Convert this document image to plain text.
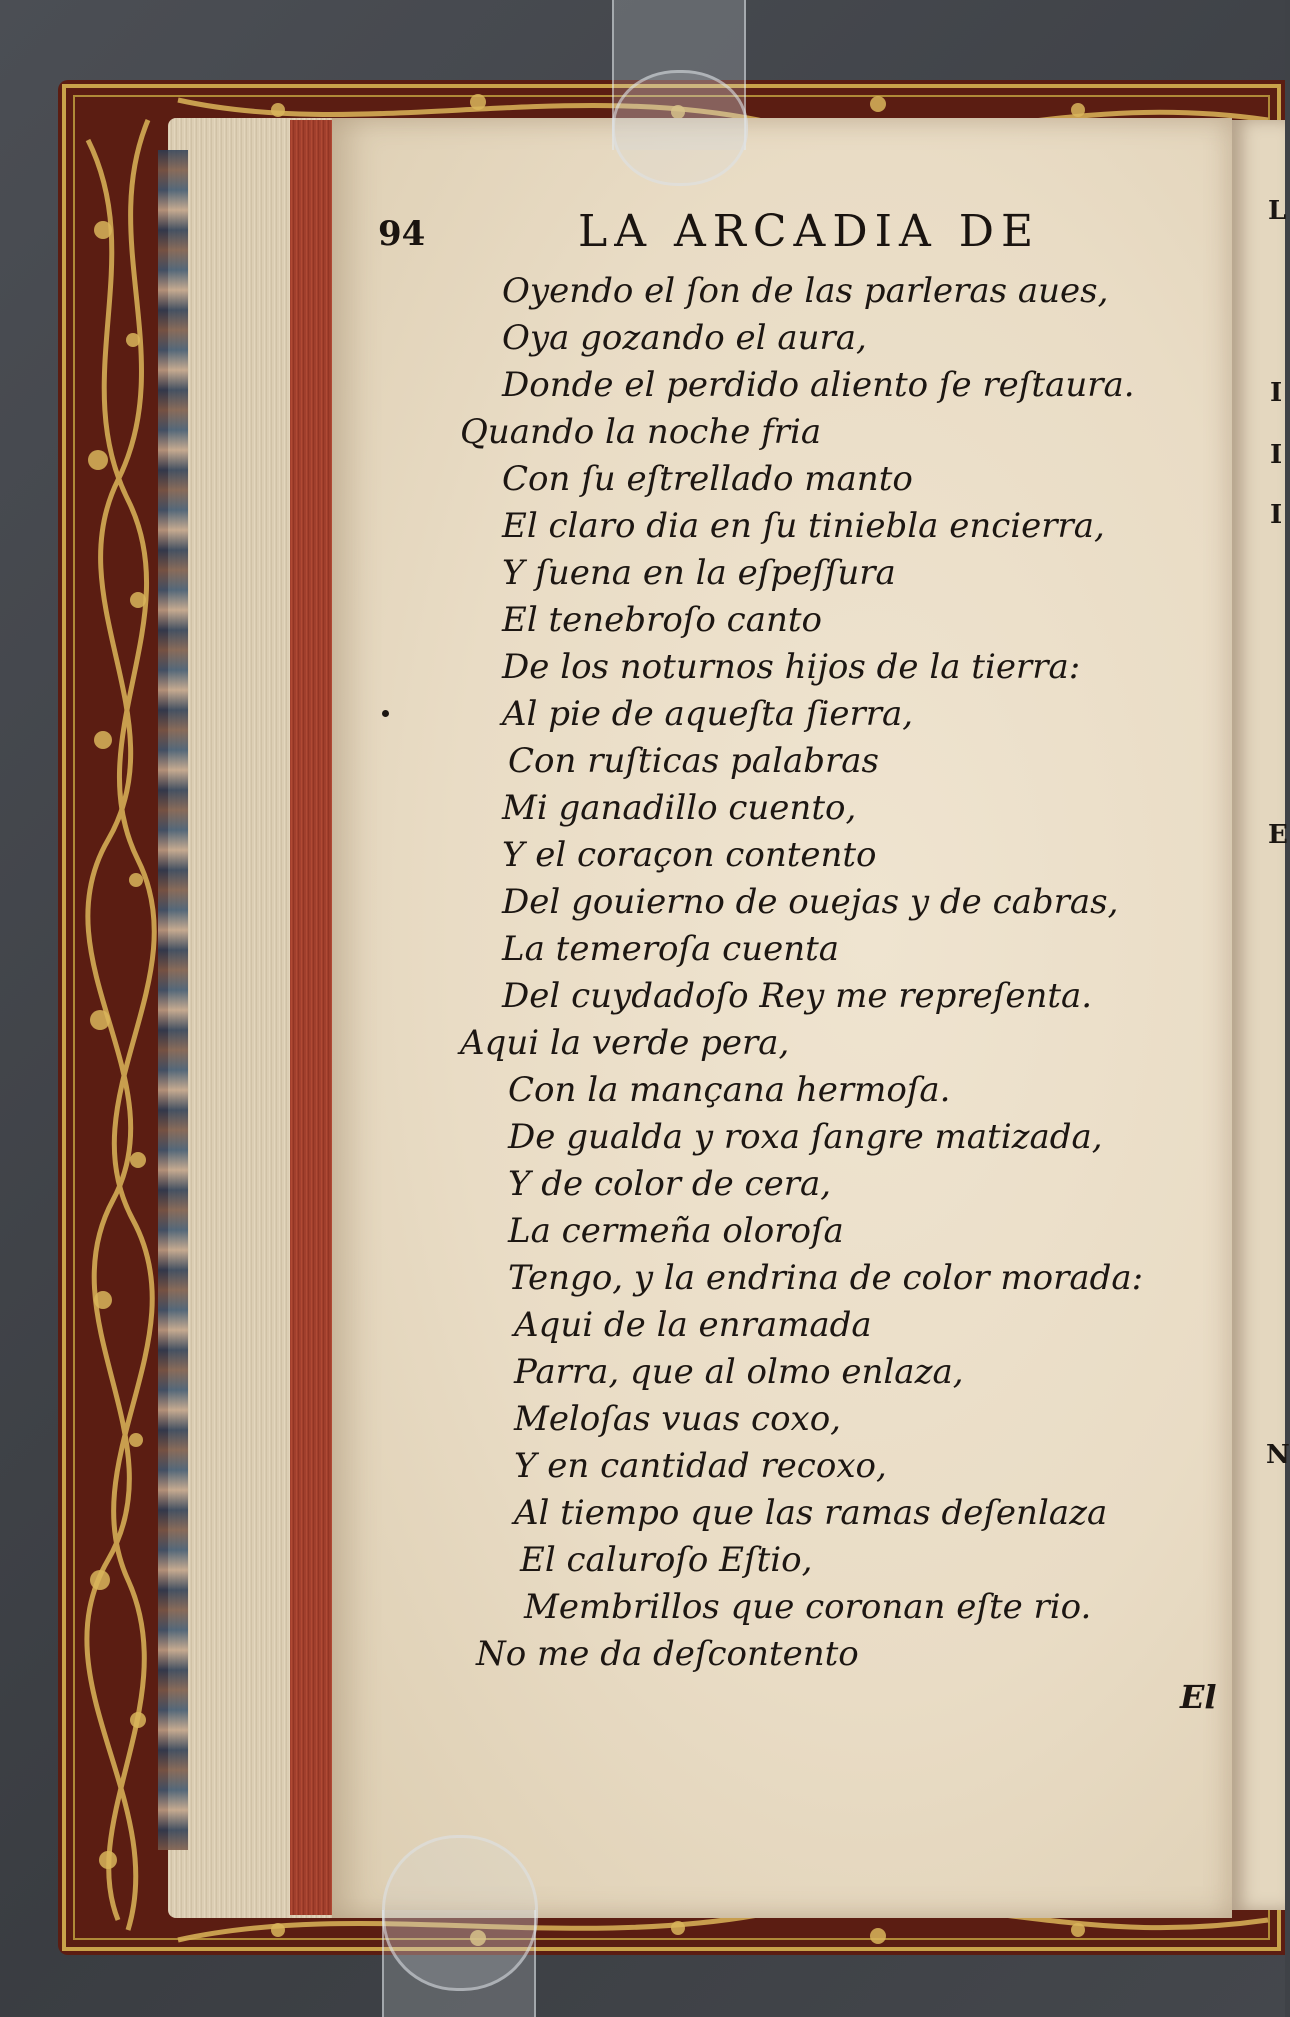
L
I
I
I
E
N
94	LA ARCADIA DE
Oyendo el ſon de las parleras aues,
Oya gozando el aura,
Donde el perdido aliento ſe reſtaura.
Quando la noche fria
Con ſu eſtrellado manto
El claro dia en ſu tiniebla encierra,
Y ſuena en la eſpeſſura
El tenebroſo canto
De los noturnos hijos de la tierra:
Al pie de aqueſta ſierra,
Con ruſticas palabras
Mi ganadillo cuento,
Y el coraçon contento
Del gouierno de ouejas y de cabras,
La temeroſa cuenta
Del cuydadoſo Rey me repreſenta.
Aqui la verde pera,
Con la mançana hermoſa.
De gualda y roxa ſangre matizada,
Y de color de cera,
La cermeña oloroſa
Tengo, y la endrina de color morada:
Aqui de la enramada
Parra, que al olmo enlaza,
Meloſas vuas coxo,
Y en cantidad recoxo,
Al tiempo que las ramas deſenlaza
El caluroſo Eſtio,
Membrillos que coronan eſte rio.
No me da deſcontento
El
